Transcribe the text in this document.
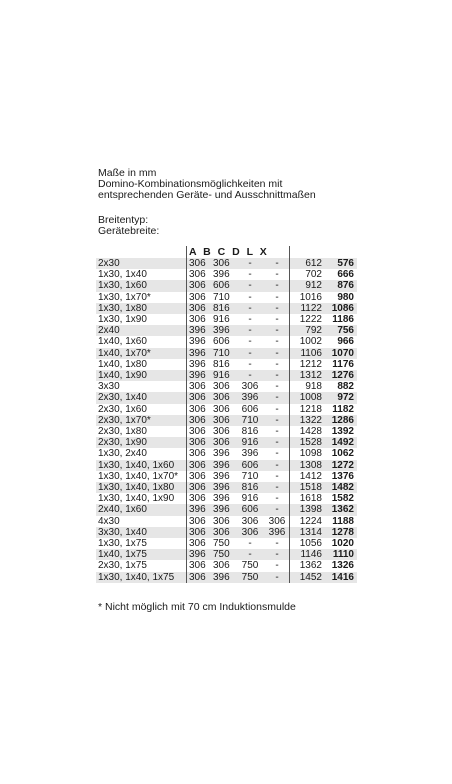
Maße in mm
Domino-Kombinationsmöglichkeiten mit
entsprechenden Geräte- und Ausschnittmaßen
Breitentyp:
Gerätebreite:
	A B C D L X					
2x30	306	306	-	-	612	576
1x30, 1x40	306	396	-	-	702	666
1x30, 1x60	306	606	-	-	912	876
1x30, 1x70*	306	710	-	-	1016	980
1x30, 1x80	306	816	-	-	1122	1086
1x30, 1x90	306	916	-	-	1222	1186
2x40	396	396	-	-	792	756
1x40, 1x60	396	606	-	-	1002	966
1x40, 1x70*	396	710	-	-	1106	1070
1x40, 1x80	396	816	-	-	1212	1176
1x40, 1x90	396	916	-	-	1312	1276
3x30	306	306	306	-	918	882
2x30, 1x40	306	306	396	-	1008	972
2x30, 1x60	306	306	606	-	1218	1182
2x30, 1x70*	306	306	710	-	1322	1286
2x30, 1x80	306	306	816	-	1428	1392
2x30, 1x90	306	306	916	-	1528	1492
1x30, 2x40	306	396	396	-	1098	1062
1x30, 1x40, 1x60	306	396	606	-	1308	1272
1x30, 1x40, 1x70*	306	396	710	-	1412	1376
1x30, 1x40, 1x80	306	396	816	-	1518	1482
1x30, 1x40, 1x90	306	396	916	-	1618	1582
2x40, 1x60	396	396	606	-	1398	1362
4x30	306	306	306	306	1224	1188
3x30, 1x40	306	306	306	396	1314	1278
1x30, 1x75	306	750	-	-	1056	1020
1x40, 1x75	396	750	-	-	1146	1110
2x30, 1x75	306	306	750	-	1362	1326
1x30, 1x40, 1x75	306	396	750	-	1452	1416
* Nicht möglich mit 70 cm Induktionsmulde
